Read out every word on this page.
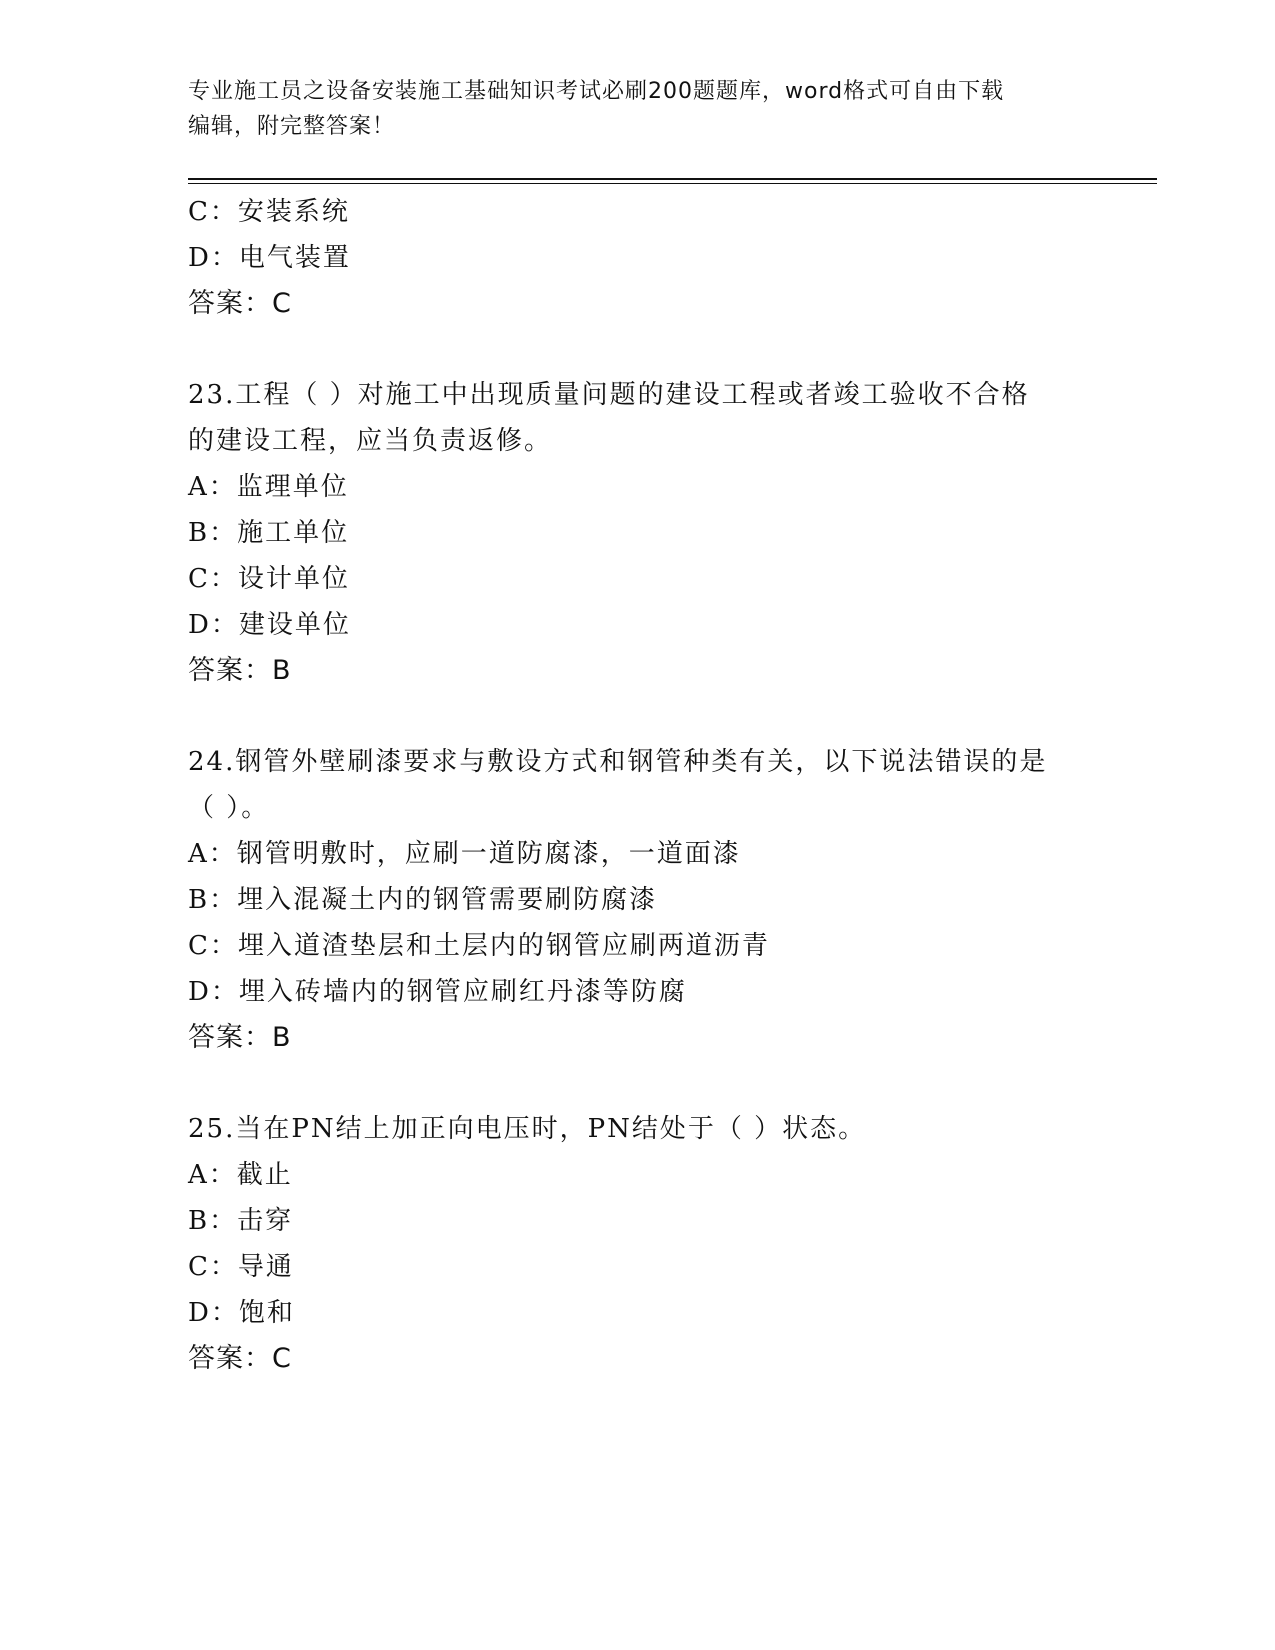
专业施工员之设备安装施工基础知识考试必刷200题题库，word格式可自由下载
编辑，附完整答案！
C：安装系统
D：电气装置
答案：C
23.工程（ ）对施工中出现质量问题的建设工程或者竣工验收不合格
的建设工程，应当负责返修。
A：监理单位
B：施工单位
C：设计单位
D：建设单位
答案：B
24.钢管外壁刷漆要求与敷设方式和钢管种类有关，以下说法错误的是
（ ）。
A：钢管明敷时，应刷一道防腐漆，一道面漆
B：埋入混凝土内的钢管需要刷防腐漆
C：埋入道渣垫层和土层内的钢管应刷两道沥青
D：埋入砖墙内的钢管应刷红丹漆等防腐
答案：B
25.当在PN结上加正向电压时，PN结处于（ ）状态。
A：截止
B：击穿
C：导通
D：饱和
答案：C
